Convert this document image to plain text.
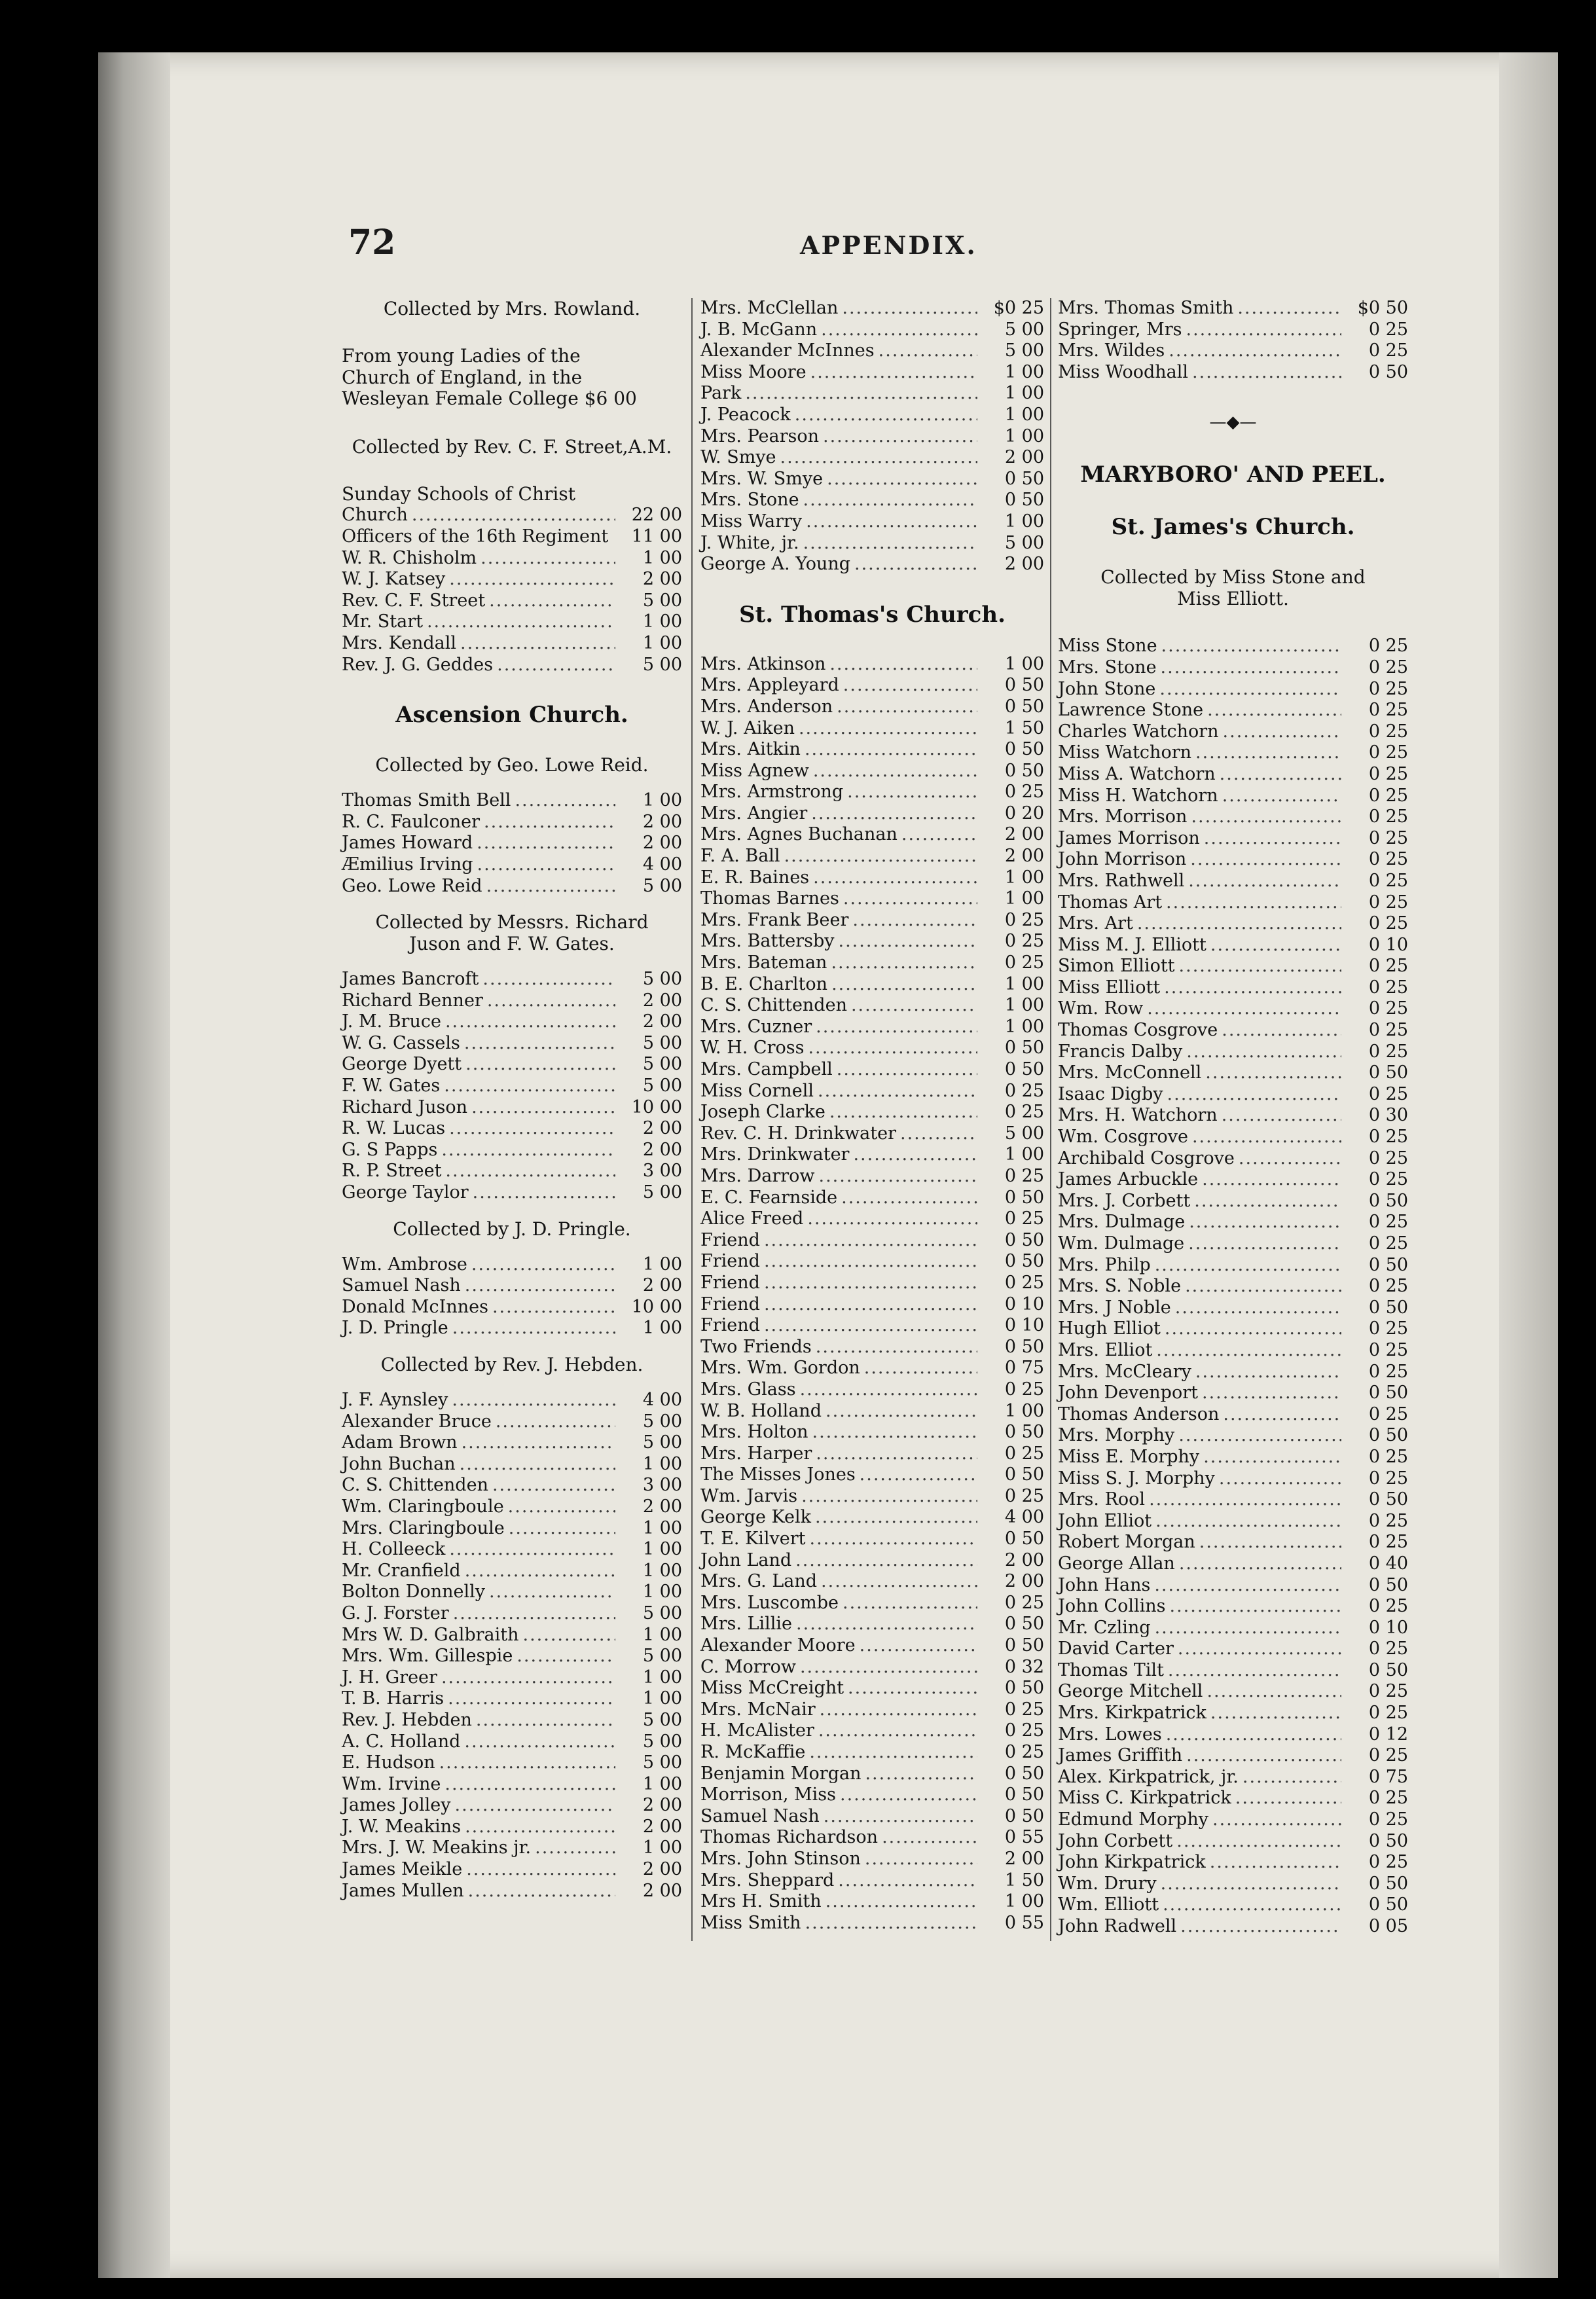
72	APPENDIX.
Collected by Mrs. Rowland.
From young Ladies of the
Church of England, in the
Wesleyan Female College $6 00
Collected by Rev. C. F. Street,A.M.
Sunday Schools of Christ
Church .....	22 00
Officers of the 16th Regiment	11 00
W. R. Chisholm .....	1 00
W. J. Katsey .....	2 00
Rev. C. F. Street .....	5 00
Mr. Start .....	1 00
Mrs. Kendall .....	1 00
Rev. J. G. Geddes .....	5 00
Ascension Church.
Collected by Geo. Lowe Reid.
Thomas Smith Bell .....	1 00
R. C. Faulconer .....	2 00
James Howard .....	2 00
Æmilius Irving .....	4 00
Geo. Lowe Reid .....	5 00
Collected by Messrs. Richard Juson and F. W. Gates.
James Bancroft .....	5 00
Richard Benner .....	2 00
J. M. Bruce .....	2 00
W. G. Cassels .....	5 00
George Dyett .....	5 00
F. W. Gates .....	5 00
Richard Juson .....	10 00
R. W. Lucas .....	2 00
G. S Papps .....	2 00
R. P. Street .....	3 00
George Taylor .....	5 00
Collected by J. D. Pringle.
Wm. Ambrose .....	1 00
Samuel Nash .....	2 00
Donald McInnes .....	10 00
J. D. Pringle .....	1 00
Collected by Rev. J. Hebden.
J. F. Aynsley .....	4 00
Alexander Bruce .....	5 00
Adam Brown .....	5 00
John Buchan .....	1 00
C. S. Chittenden .....	3 00
Wm. Claringboule .....	2 00
Mrs. Claringboule .....	1 00
H. Colleeck .....	1 00
Mr. Cranfield .....	1 00
Bolton Donnelly .....	1 00
G. J. Forster .....	5 00
Mrs W. D. Galbraith .....	1 00
Mrs. Wm. Gillespie .....	5 00
J. H. Greer .....	1 00
T. B. Harris .....	1 00
Rev. J. Hebden .....	5 00
A. C. Holland .....	5 00
E. Hudson .....	5 00
Wm. Irvine .....	1 00
James Jolley .....	2 00
J. W. Meakins .....	2 00
Mrs. J. W. Meakins jr. .....	1 00
James Meikle .....	2 00
James Mullen .....	2 00
Mrs. McClellan .....	$0 25
J. B. McGann .....	5 00
Alexander McInnes .....	5 00
Miss Moore .....	1 00
Park .....	1 00
J. Peacock .....	1 00
Mrs. Pearson .....	1 00
W. Smye .....	2 00
Mrs. W. Smye .....	0 50
Mrs. Stone .....	0 50
Miss Warry .....	1 00
J. White, jr. .....	5 00
George A. Young .....	2 00
St. Thomas's Church.
Mrs. Atkinson .....	1 00
Mrs. Appleyard .....	0 50
Mrs. Anderson .....	0 50
W. J. Aiken .....	1 50
Mrs. Aitkin .....	0 50
Miss Agnew .....	0 50
Mrs. Armstrong .....	0 25
Mrs. Angier .....	0 20
Mrs. Agnes Buchanan .....	2 00
F. A. Ball .....	2 00
E. R. Baines .....	1 00
Thomas Barnes .....	1 00
Mrs. Frank Beer .....	0 25
Mrs. Battersby .....	0 25
Mrs. Bateman .....	0 25
B. E. Charlton .....	1 00
C. S. Chittenden .....	1 00
Mrs. Cuzner .....	1 00
W. H. Cross .....	0 50
Mrs. Campbell .....	0 50
Miss Cornell .....	0 25
Joseph Clarke .....	0 25
Rev. C. H. Drinkwater .....	5 00
Mrs. Drinkwater .....	1 00
Mrs. Darrow .....	0 25
E. C. Fearnside .....	0 50
Alice Freed .....	0 25
Friend .....	0 50
Friend .....	0 50
Friend .....	0 25
Friend .....	0 10
Friend .....	0 10
Two Friends .....	0 50
Mrs. Wm. Gordon .....	0 75
Mrs. Glass .....	0 25
W. B. Holland .....	1 00
Mrs. Holton .....	0 50
Mrs. Harper .....	0 25
The Misses Jones .....	0 50
Wm. Jarvis .....	0 25
George Kelk .....	4 00
T. E. Kilvert .....	0 50
John Land .....	2 00
Mrs. G. Land .....	2 00
Mrs. Luscombe .....	0 25
Mrs. Lillie .....	0 50
Alexander Moore .....	0 50
C. Morrow .....	0 32
Miss McCreight .....	0 50
Mrs. McNair .....	0 25
H. McAlister .....	0 25
R. McKaffie .....	0 25
Benjamin Morgan .....	0 50
Morrison, Miss .....	0 50
Samuel Nash .....	0 50
Thomas Richardson .....	0 55
Mrs. John Stinson .....	2 00
Mrs. Sheppard .....	1 50
Mrs H. Smith .....	1 00
Miss Smith .....	0 55
Mrs. Thomas Smith .....	$0 50
Springer, Mrs .....	0 25
Mrs. Wildes .....	0 25
Miss Woodhall .....	0 50
—◆—
MARYBORO' AND PEEL.
St. James's Church.
Collected by Miss Stone and Miss Elliott.
Miss Stone .....	0 25
Mrs. Stone .....	0 25
John Stone .....	0 25
Lawrence Stone .....	0 25
Charles Watchorn .....	0 25
Miss Watchorn .....	0 25
Miss A. Watchorn .....	0 25
Miss H. Watchorn .....	0 25
Mrs. Morrison .....	0 25
James Morrison .....	0 25
John Morrison .....	0 25
Mrs. Rathwell .....	0 25
Thomas Art .....	0 25
Mrs. Art .....	0 25
Miss M. J. Elliott .....	0 10
Simon Elliott .....	0 25
Miss Elliott .....	0 25
Wm. Row .....	0 25
Thomas Cosgrove .....	0 25
Francis Dalby .....	0 25
Mrs. McConnell .....	0 50
Isaac Digby .....	0 25
Mrs. H. Watchorn .....	0 30
Wm. Cosgrove .....	0 25
Archibald Cosgrove .....	0 25
James Arbuckle .....	0 25
Mrs. J. Corbett .....	0 50
Mrs. Dulmage .....	0 25
Wm. Dulmage .....	0 25
Mrs. Philp .....	0 50
Mrs. S. Noble .....	0 25
Mrs. J Noble .....	0 50
Hugh Elliot .....	0 25
Mrs. Elliot .....	0 25
Mrs. McCleary .....	0 25
John Devenport .....	0 50
Thomas Anderson .....	0 25
Mrs. Morphy .....	0 50
Miss E. Morphy .....	0 25
Miss S. J. Morphy .....	0 25
Mrs. Rool .....	0 50
John Elliot .....	0 25
Robert Morgan .....	0 25
George Allan .....	0 40
John Hans .....	0 50
John Collins .....	0 25
Mr. Czling .....	0 10
David Carter .....	0 25
Thomas Tilt .....	0 50
George Mitchell .....	0 25
Mrs. Kirkpatrick .....	0 25
Mrs. Lowes .....	0 12
James Griffith .....	0 25
Alex. Kirkpatrick, jr. .....	0 75
Miss C. Kirkpatrick .....	0 25
Edmund Morphy .....	0 25
John Corbett .....	0 50
John Kirkpatrick .....	0 25
Wm. Drury .....	0 50
Wm. Elliott .....	0 50
John Radwell .....	0 05
